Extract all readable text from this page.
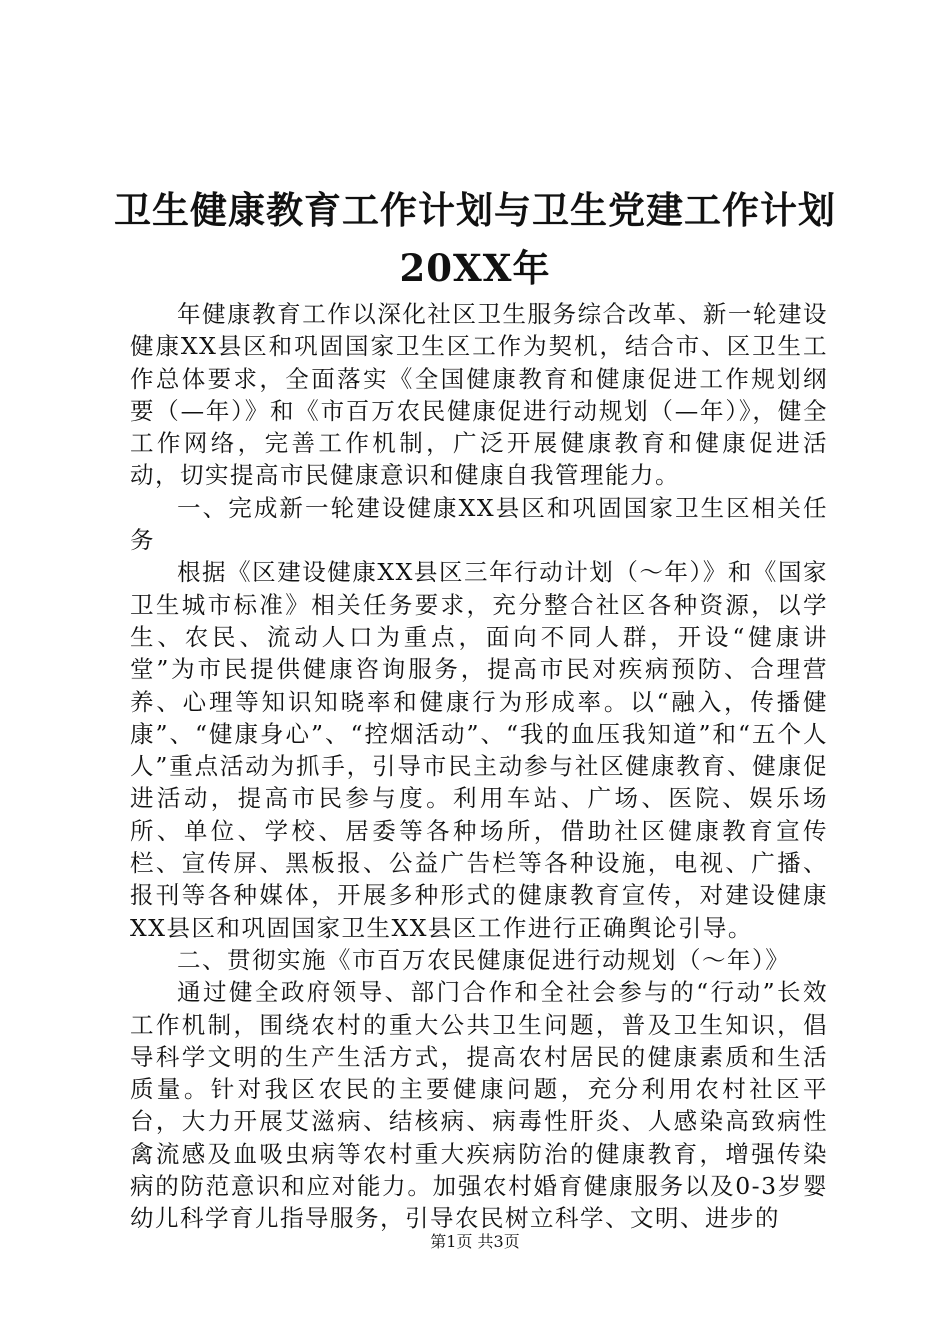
卫生健康教育工作计划与卫生党建工作计划
20XX年

年健康教育工作以深化社区卫生服务综合改革、新一轮建设健康XX县区和巩固国家卫生区工作为契机，结合市、区卫生工作总体要求，全面落实《全国健康教育和健康促进工作规划纲要（—年）》和《市百万农民健康促进行动规划（—年）》，健全工作网络，完善工作机制，广泛开展健康教育和健康促进活动，切实提高市民健康意识和健康自我管理能力。

一、完成新一轮建设健康XX县区和巩固国家卫生区相关任务

根据《区建设健康XX县区三年行动计划（～年）》和《国家卫生城市标准》相关任务要求，充分整合社区各种资源，以学生、农民、流动人口为重点，面向不同人群，开设“健康讲堂”为市民提供健康咨询服务，提高市民对疾病预防、合理营养、心理等知识知晓率和健康行为形成率。以“融入，传播健康”、“健康身心”、“控烟活动”、“我的血压我知道”和“五个人人”重点活动为抓手，引导市民主动参与社区健康教育、健康促进活动，提高市民参与度。利用车站、广场、医院、娱乐场所、单位、学校、居委等各种场所，借助社区健康教育宣传栏、宣传屏、黑板报、公益广告栏等各种设施，电视、广播、报刊等各种媒体，开展多种形式的健康教育宣传，对建设健康XX县区和巩固国家卫生XX县区工作进行正确舆论引导。

二、贯彻实施《市百万农民健康促进行动规划（～年）》

通过健全政府领导、部门合作和全社会参与的“行动”长效工作机制，围绕农村的重大公共卫生问题，普及卫生知识，倡导科学文明的生产生活方式，提高农村居民的健康素质和生活质量。针对我区农民的主要健康问题，充分利用农村社区平台，大力开展艾滋病、结核病、病毒性肝炎、人感染高致病性禽流感及血吸虫病等农村重大疾病防治的健康教育，增强传染病的防范意识和应对能力。加强农村婚育健康服务以及0-3岁婴幼儿科学育儿指导服务，引导农民树立科学、文明、进步的

第1页 共3页
